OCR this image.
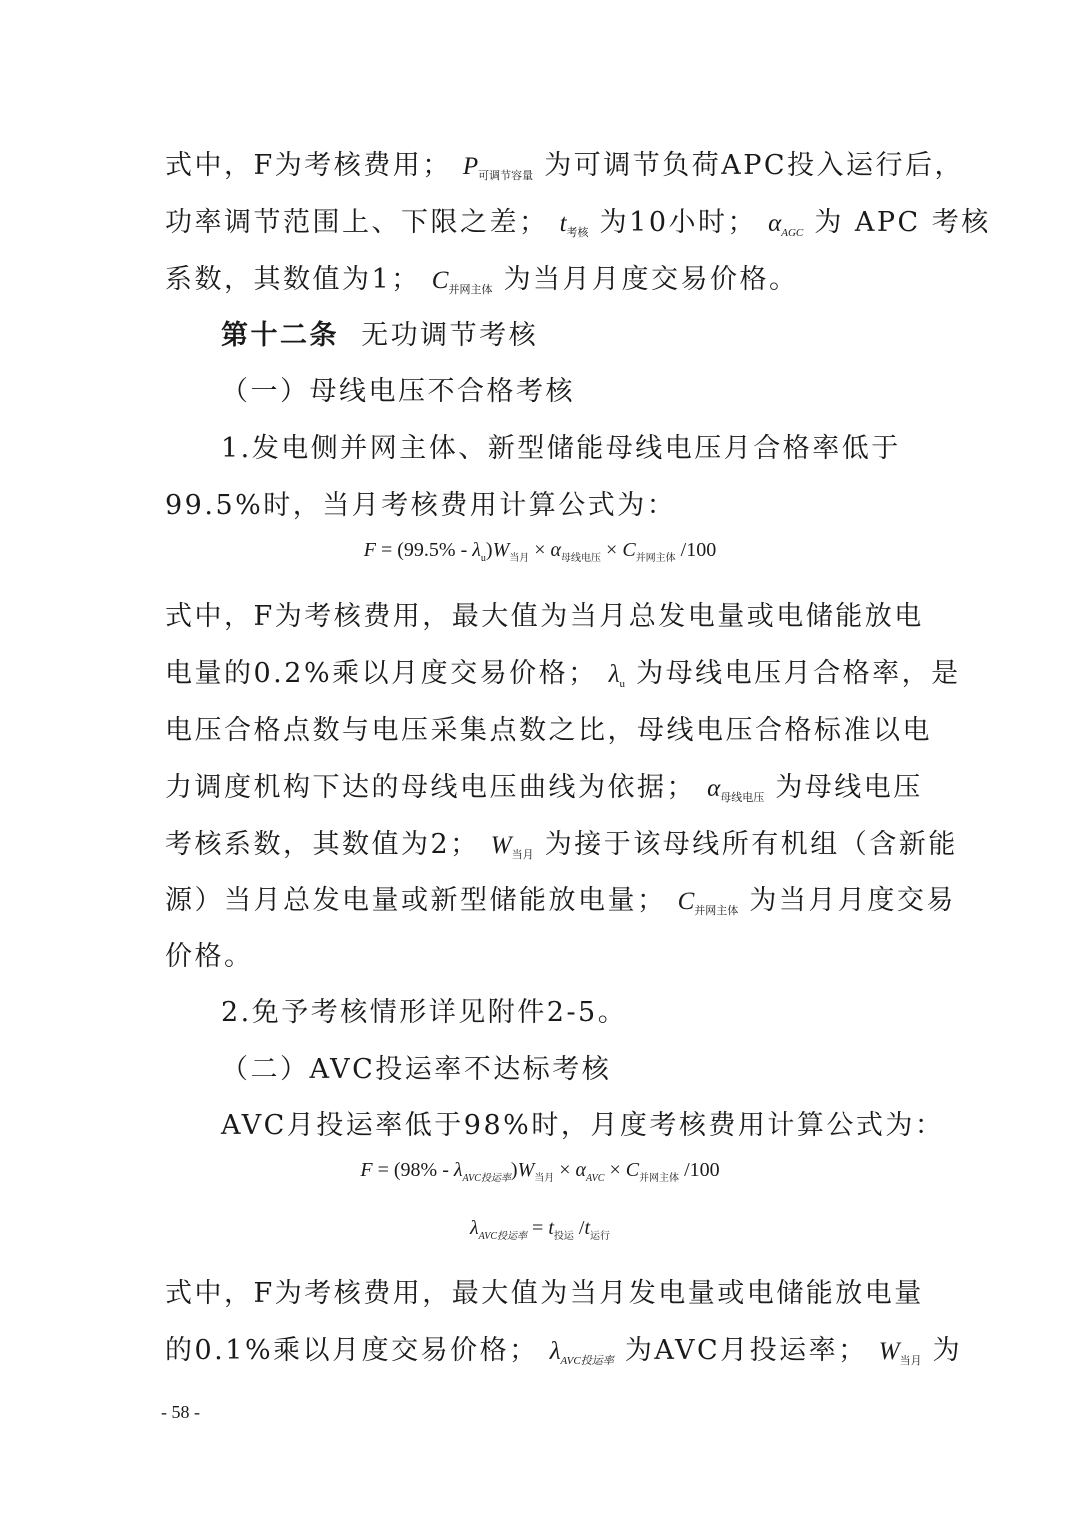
式中，F为考核费用； $P_{可调节容量}$ 为可调节负荷APC投入运行后，
功率调节范围上、下限之差； $t_{考核}$ 为10小时； $\alpha_{AGC}$ 为 APC 考核
系数，其数值为1； $C_{并网主体}$ 为当月月度交易价格。
第十二条 无功调节考核
（一）母线电压不合格考核
1.发电侧并网主体、新型储能母线电压月合格率低于
99.5%时，当月考核费用计算公式为：
$F = (99.5\% - \lambda_u)W_{当月} \times \alpha_{母线电压} \times C_{并网主体}$ /100
式中，F为考核费用，最大值为当月总发电量或电储能放电
电量的0.2%乘以月度交易价格； $\lambda_u$ 为母线电压月合格率，是
电压合格点数与电压采集点数之比，母线电压合格标准以电
力调度机构下达的母线电压曲线为依据； $\alpha_{母线电压}$ 为母线电压
考核系数，其数值为2； $W_{当月}$ 为接于该母线所有机组（含新能
源）当月总发电量或新型储能放电量； $C_{并网主体}$ 为当月月度交易
价格。
2.免予考核情形详见附件2-5。
（二）AVC投运率不达标考核
AVC月投运率低于98%时，月度考核费用计算公式为：
$F = (98\% - \lambda_{AVC投运率})W_{当月} \times \alpha_{AVC} \times C_{并网主体}$ /100
$\lambda_{AVC投运率} = t_{投运}$ $/t_{运行}$
式中，F为考核费用，最大值为当月发电量或电储能放电量
的0.1%乘以月度交易价格； $\lambda_{AVC投运率}$ 为AVC月投运率； $W_{当月}$ 为
- 58 -
